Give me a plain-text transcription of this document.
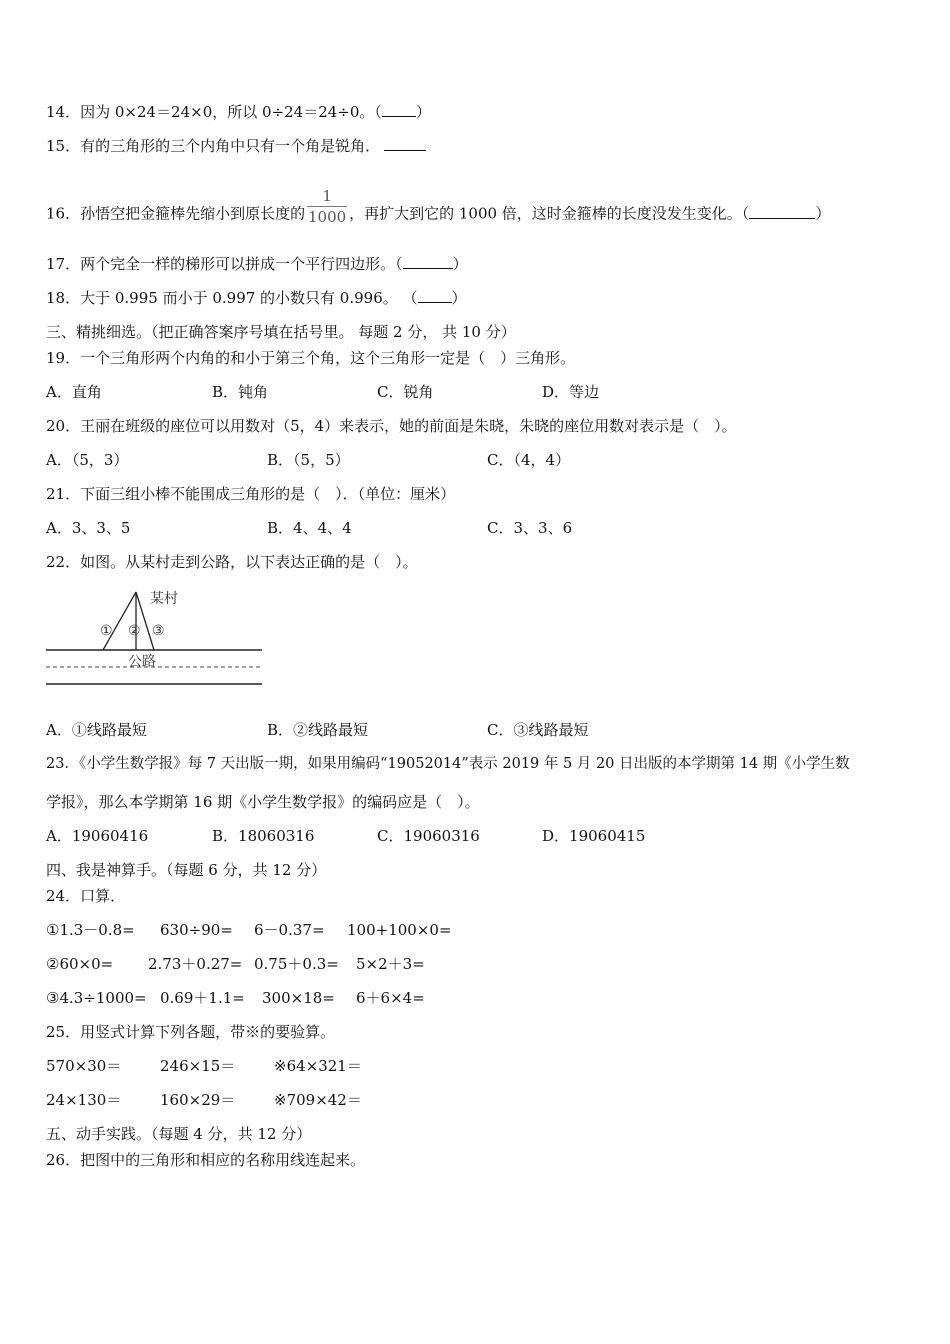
14．因为 0×24＝24×0，所以 0÷24＝24÷0。（ ）
15．有的三角形的三个内角中只有一个角是锐角．
16．孙悟空把金箍棒先缩小到原长度的 $\frac{1}{1000}$ ，再扩大到它的 1000 倍，这时金箍棒的长度没发生变化。（	）
17．两个完全一样的梯形可以拼成一个平行四边形。（	）
18．大于 0.995 而小于 0.997 的小数只有 0.996。 （ ）
三、精挑细选。（把正确答案序号填在括号里。 每题 2 分， 共 10 分）
19．一个三角形两个内角的和小于第三个角，这个三角形一定是（　）三角形。
A．直角	B．钝角	C．锐角	D．等边
20．王丽在班级的座位可以用数对（5，4）来表示，她的前面是朱晓，朱晓的座位用数对表示是（　）。
A．（5，3）	B．（5，5）	C．（4，4）
21．下面三组小棒不能围成三角形的是（　）．（单位：厘米）
A．3、3、5	B．4、4、4	C．3、3、6
22．如图。从某村走到公路，以下表达正确的是（　）。
某村
① ② ③
公路
A．①线路最短	B．②线路最短	C．③线路最短
23．《小学生数学报》每 7 天出版一期，如果用编码“19052014”表示 2019 年 5 月 20 日出版的本学期第 14 期《小学生数
学报》，那么本学期第 16 期《小学生数学报》的编码应是（　）。
A．19060416	B．18060316	C．19060316	D．19060415
四、我是神算手。（每题 6 分，共 12 分）
24．口算．
①1.3－0.8= 630÷90= 6－0.37= 100+100×0=
②60×0= 2.73＋0.27= 0.75＋0.3= 5×2＋3=
③4.3÷1000= 0.69＋1.1= 300×18= 6＋6×4=
25．用竖式计算下列各题，带※的要验算。
570×30＝	246×15＝	※64×321＝
24×130＝	160×29＝	※709×42＝
五、动手实践。（每题 4 分，共 12 分）
26．把图中的三角形和相应的名称用线连起来。
